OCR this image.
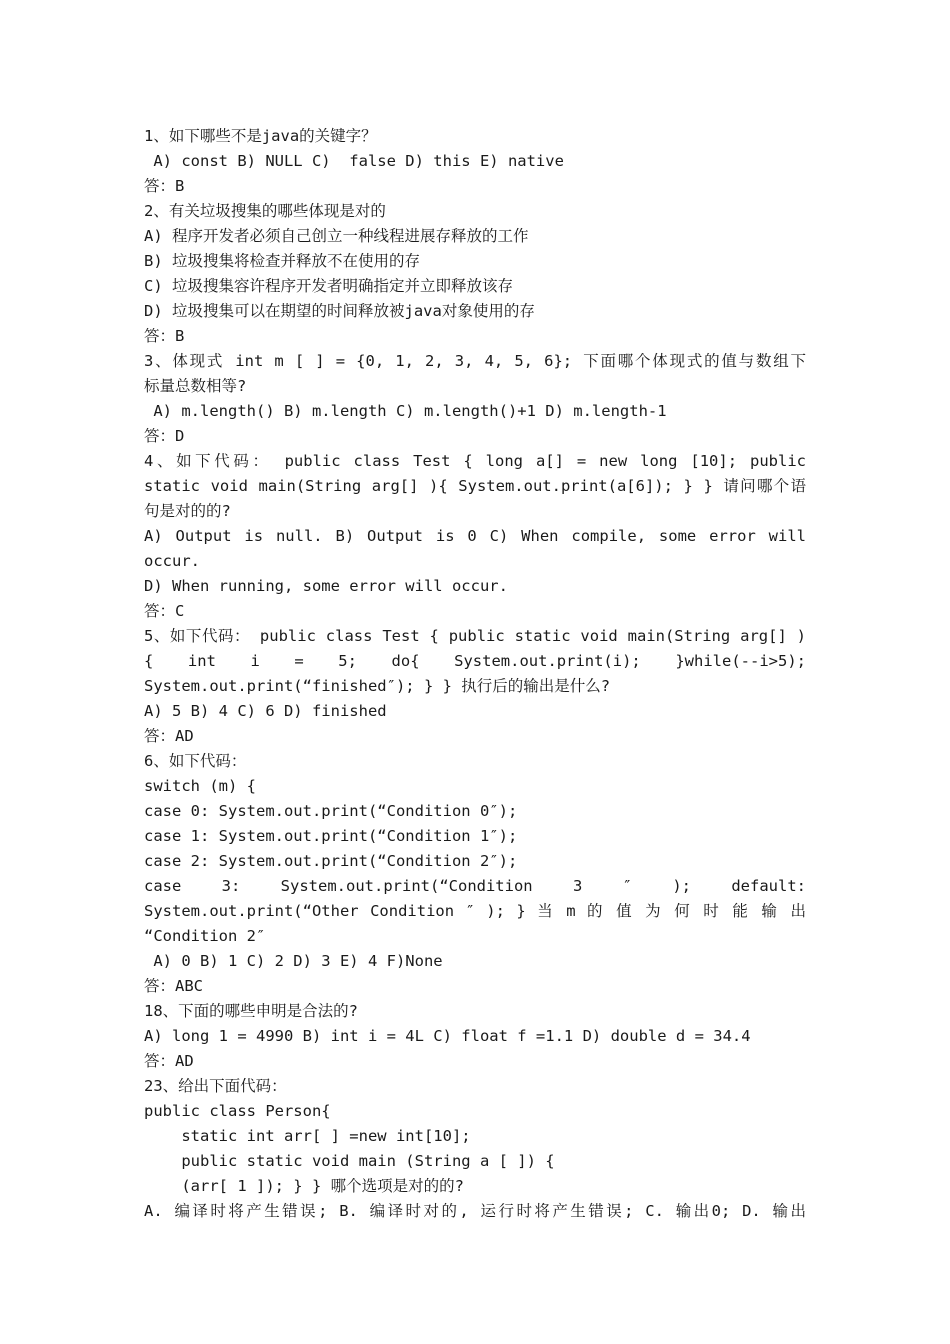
1、如下哪些不是java的关键字？
A) const B) NULL C)  false D) this E) native
答：B
2、有关垃圾搜集的哪些体现是对的
A) 程序开发者必须自己创立一种线程进展存释放的工作
B) 垃圾搜集将检查并释放不在使用的存
C) 垃圾搜集容许程序开发者明确指定并立即释放该存
D) 垃圾搜集可以在期望的时间释放被java对象使用的存
答：B
3、体现式 int m [ ] = {0, 1, 2, 3, 4, 5, 6}; 下面哪个体现式的值与数组下
标量总数相等?
A) m.length() B) m.length C) m.length()+1 D) m.length-1
答：D
4、如下代码： public class Test { long a[] = new long [10]; public
static void main(String arg[] ){ System.out.print(a[6]); } } 请问哪个语
句是对的的?
A) Output is null. B) Output is 0 C) When compile, some error will
occur.
D) When running, some error will occur.
答：C
5、如下代码： public class Test { public static void main(String arg[] )
{ int i = 5; do{ System.out.print(i); }while(--i>5);
System.out.print(“finished″); } } 执行后的输出是什么?
A) 5 B) 4 C) 6 D) finished
答：AD
6、如下代码：
switch (m) {
case 0: System.out.print(“Condition 0″);
case 1: System.out.print(“Condition 1″);
case 2: System.out.print(“Condition 2″);
case 3: System.out.print(“Condition 3 ″ ); default:
System.out.print(“Other Condition ″ ); } 当 m 的 值 为 何 时 能 输 出
“Condition 2″
A) 0 B) 1 C) 2 D) 3 E) 4 F)None
答：ABC
18、下面的哪些申明是合法的?
A) long 1 = 4990 B) int i = 4L C) float f =1.1 D) double d = 34.4
答：AD
23、给出下面代码：
public class Person{
static int arr[ ] =new int[10];
public static void main (String a [ ]) {
(arr[ 1 ]); } } 哪个选项是对的的?
A. 编译时将产生错误; B. 编译时对的, 运行时将产生错误; C. 输出0; D. 输出
